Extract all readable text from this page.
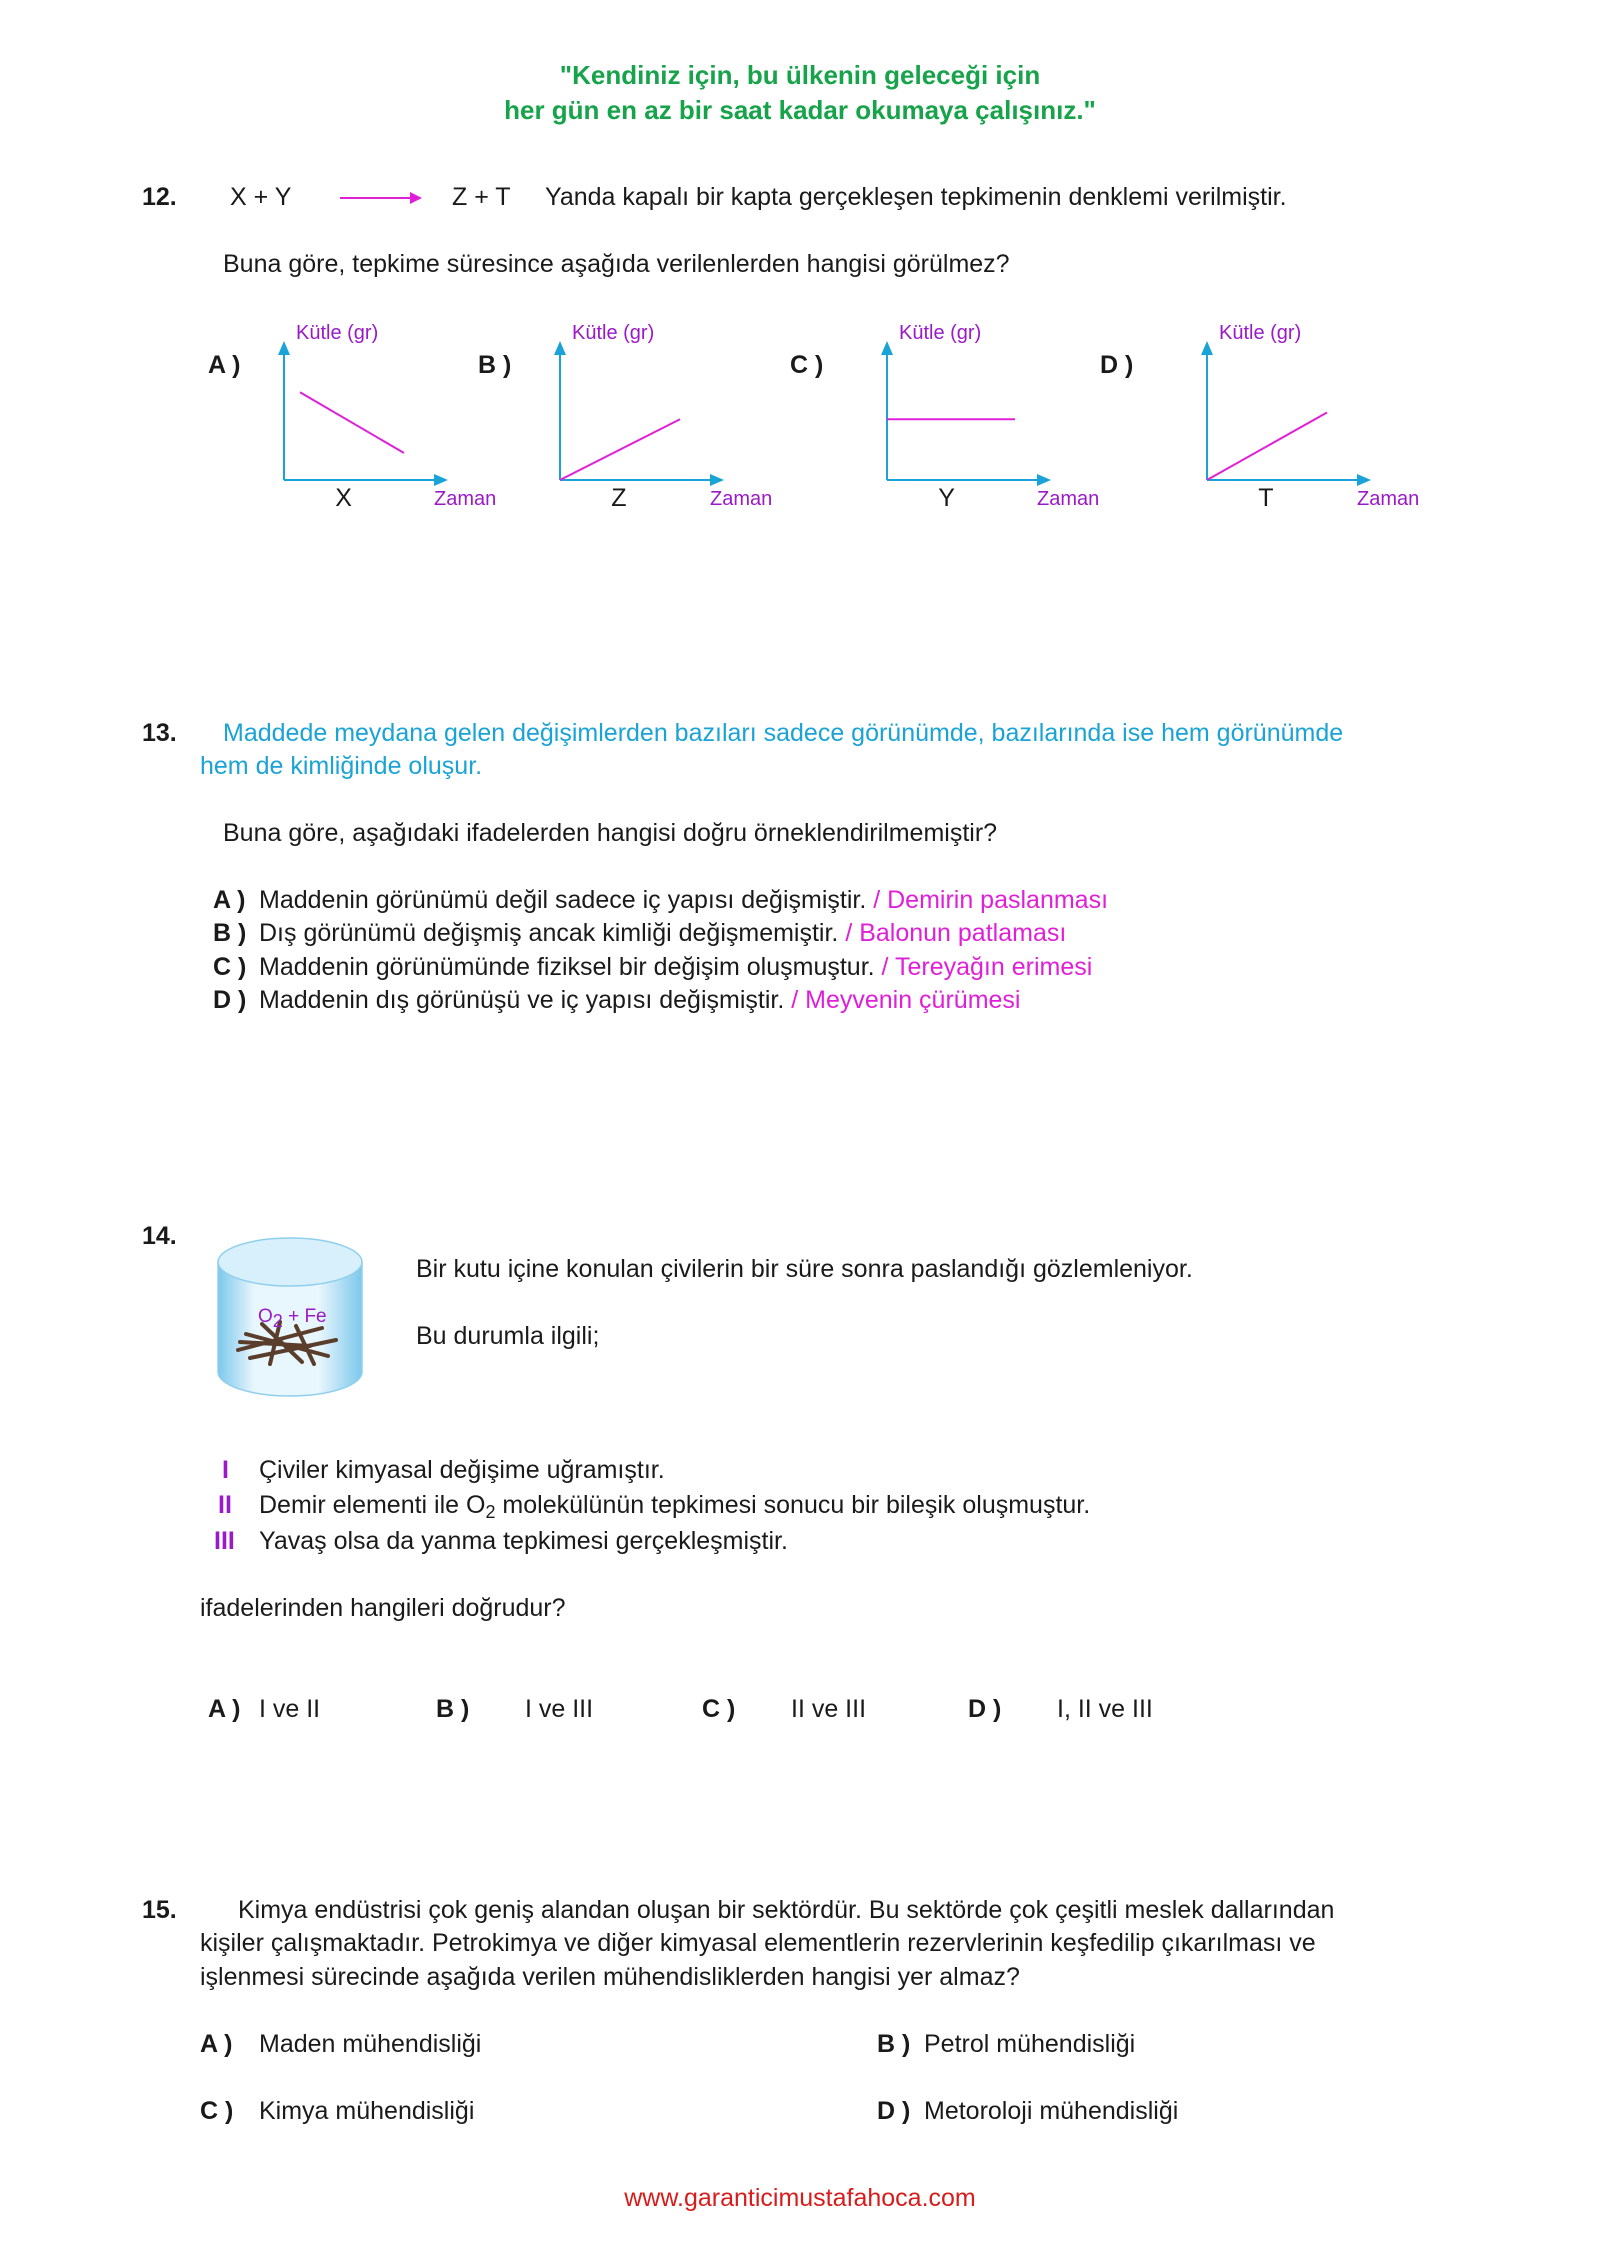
"Kendiniz için, bu ülkenin geleceği için
her gün en az bir saat kadar okumaya çalışınız."
12. X + Y	Z + T Yanda kapalı bir kapta gerçekleşen tepkimenin denklemi verilmiştir.
Buna göre, tepkime süresince aşağıda verilenlerden hangisi görülmez?
A )	B )	C )	D )
Kütle (gr)
Zaman
X
Kütle (gr)
Zaman
Z
Kütle (gr)
Zaman
Y
Kütle (gr)
Zaman
T
13. Maddede meydana gelen değişimlerden bazıları sadece görünümde, bazılarında ise hem görünümde
hem de kimliğinde oluşur.
Buna göre, aşağıdaki ifadelerden hangisi doğru örneklendirilmemiştir?
A ) Maddenin görünümü değil sadece iç yapısı değişmiştir. / Demirin paslanması
B ) Dış görünümü değişmiş ancak kimliği değişmemiştir. / Balonun patlaması
C ) Maddenin görünümünde fiziksel bir değişim oluşmuştur. / Tereyağın erimesi
D ) Maddenin dış görünüşü ve iç yapısı değişmiştir. / Meyvenin çürümesi
14.
$O_2 + Fe$
Bir kutu içine konulan çivilerin bir süre sonra paslandığı gözlemleniyor.
Bu durumla ilgili;
I Çiviler kimyasal değişime uğramıştır.
II Demir elementi ile $O_2$ molekülünün tepkimesi sonucu bir bileşik oluşmuştur.
III Yavaş olsa da yanma tepkimesi gerçekleşmiştir.
ifadelerinden hangileri doğrudur?
A ) I ve II	B ) I ve III	C ) II ve III	D ) I, II ve III
15. Kimya endüstrisi çok geniş alandan oluşan bir sektördür. Bu sektörde çok çeşitli meslek dallarından
kişiler çalışmaktadır. Petrokimya ve diğer kimyasal elementlerin rezervlerinin keşfedilip çıkarılması ve
işlenmesi sürecinde aşağıda verilen mühendisliklerden hangisi yer almaz?
A ) Maden mühendisliği	B ) Petrol mühendisliği
C ) Kimya mühendisliği	D ) Metoroloji mühendisliği
www.garanticimustafahoca.com
